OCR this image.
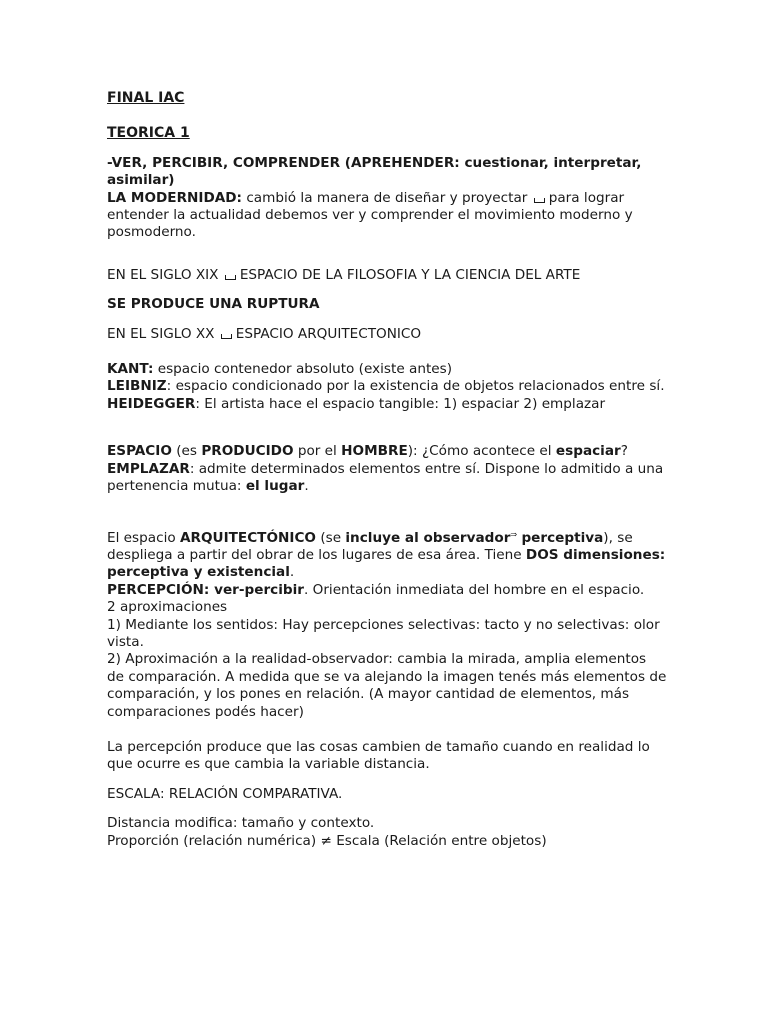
FINAL IAC

TEORICA 1

-VER, PERCIBIR, COMPRENDER (APREHENDER: cuestionar, interpretar, asimilar)

LA MODERNIDAD: cambió la manera de diseñar y proyectar para lograr entender la actualidad debemos ver y comprender el movimiento moderno y posmoderno.

EN EL SIGLO XIX ESPACIO DE LA FILOSOFIA Y LA CIENCIA DEL ARTE

SE PRODUCE UNA RUPTURA

EN EL SIGLO XX ESPACIO ARQUITECTONICO

KANT: espacio contenedor absoluto (existe antes)

LEIBNIZ: espacio condicionado por la existencia de objetos relacionados entre sí.

HEIDEGGER: El artista hace el espacio tangible: 1) espaciar 2) emplazar

ESPACIO (es PRODUCIDO por el HOMBRE): ¿Cómo acontece el espaciar?

EMPLAZAR: admite determinados elementos entre sí. Dispone lo admitido a una pertenencia mutua: el lugar.

El espacio ARQUITECTÓNICO (se incluye al observador⇒ perceptiva), se despliega a partir del obrar de los lugares de esa área. Tiene DOS dimensiones: perceptiva y existencial.

PERCEPCIÓN: ver-percibir. Orientación inmediata del hombre en el espacio.

2 aproximaciones

1) Mediante los sentidos: Hay percepciones selectivas: tacto y no selectivas: olor vista.

2) Aproximación a la realidad-observador: cambia la mirada, amplia elementos de comparación. A medida que se va alejando la imagen tenés más elementos de comparación, y los pones en relación. (A mayor cantidad de elementos, más comparaciones podés hacer)

La percepción produce que las cosas cambien de tamaño cuando en realidad lo que ocurre es que cambia la variable distancia.

ESCALA: RELACIÓN COMPARATIVA.

Distancia modifica: tamaño y contexto.

Proporción (relación numérica) ≠ Escala (Relación entre objetos)
